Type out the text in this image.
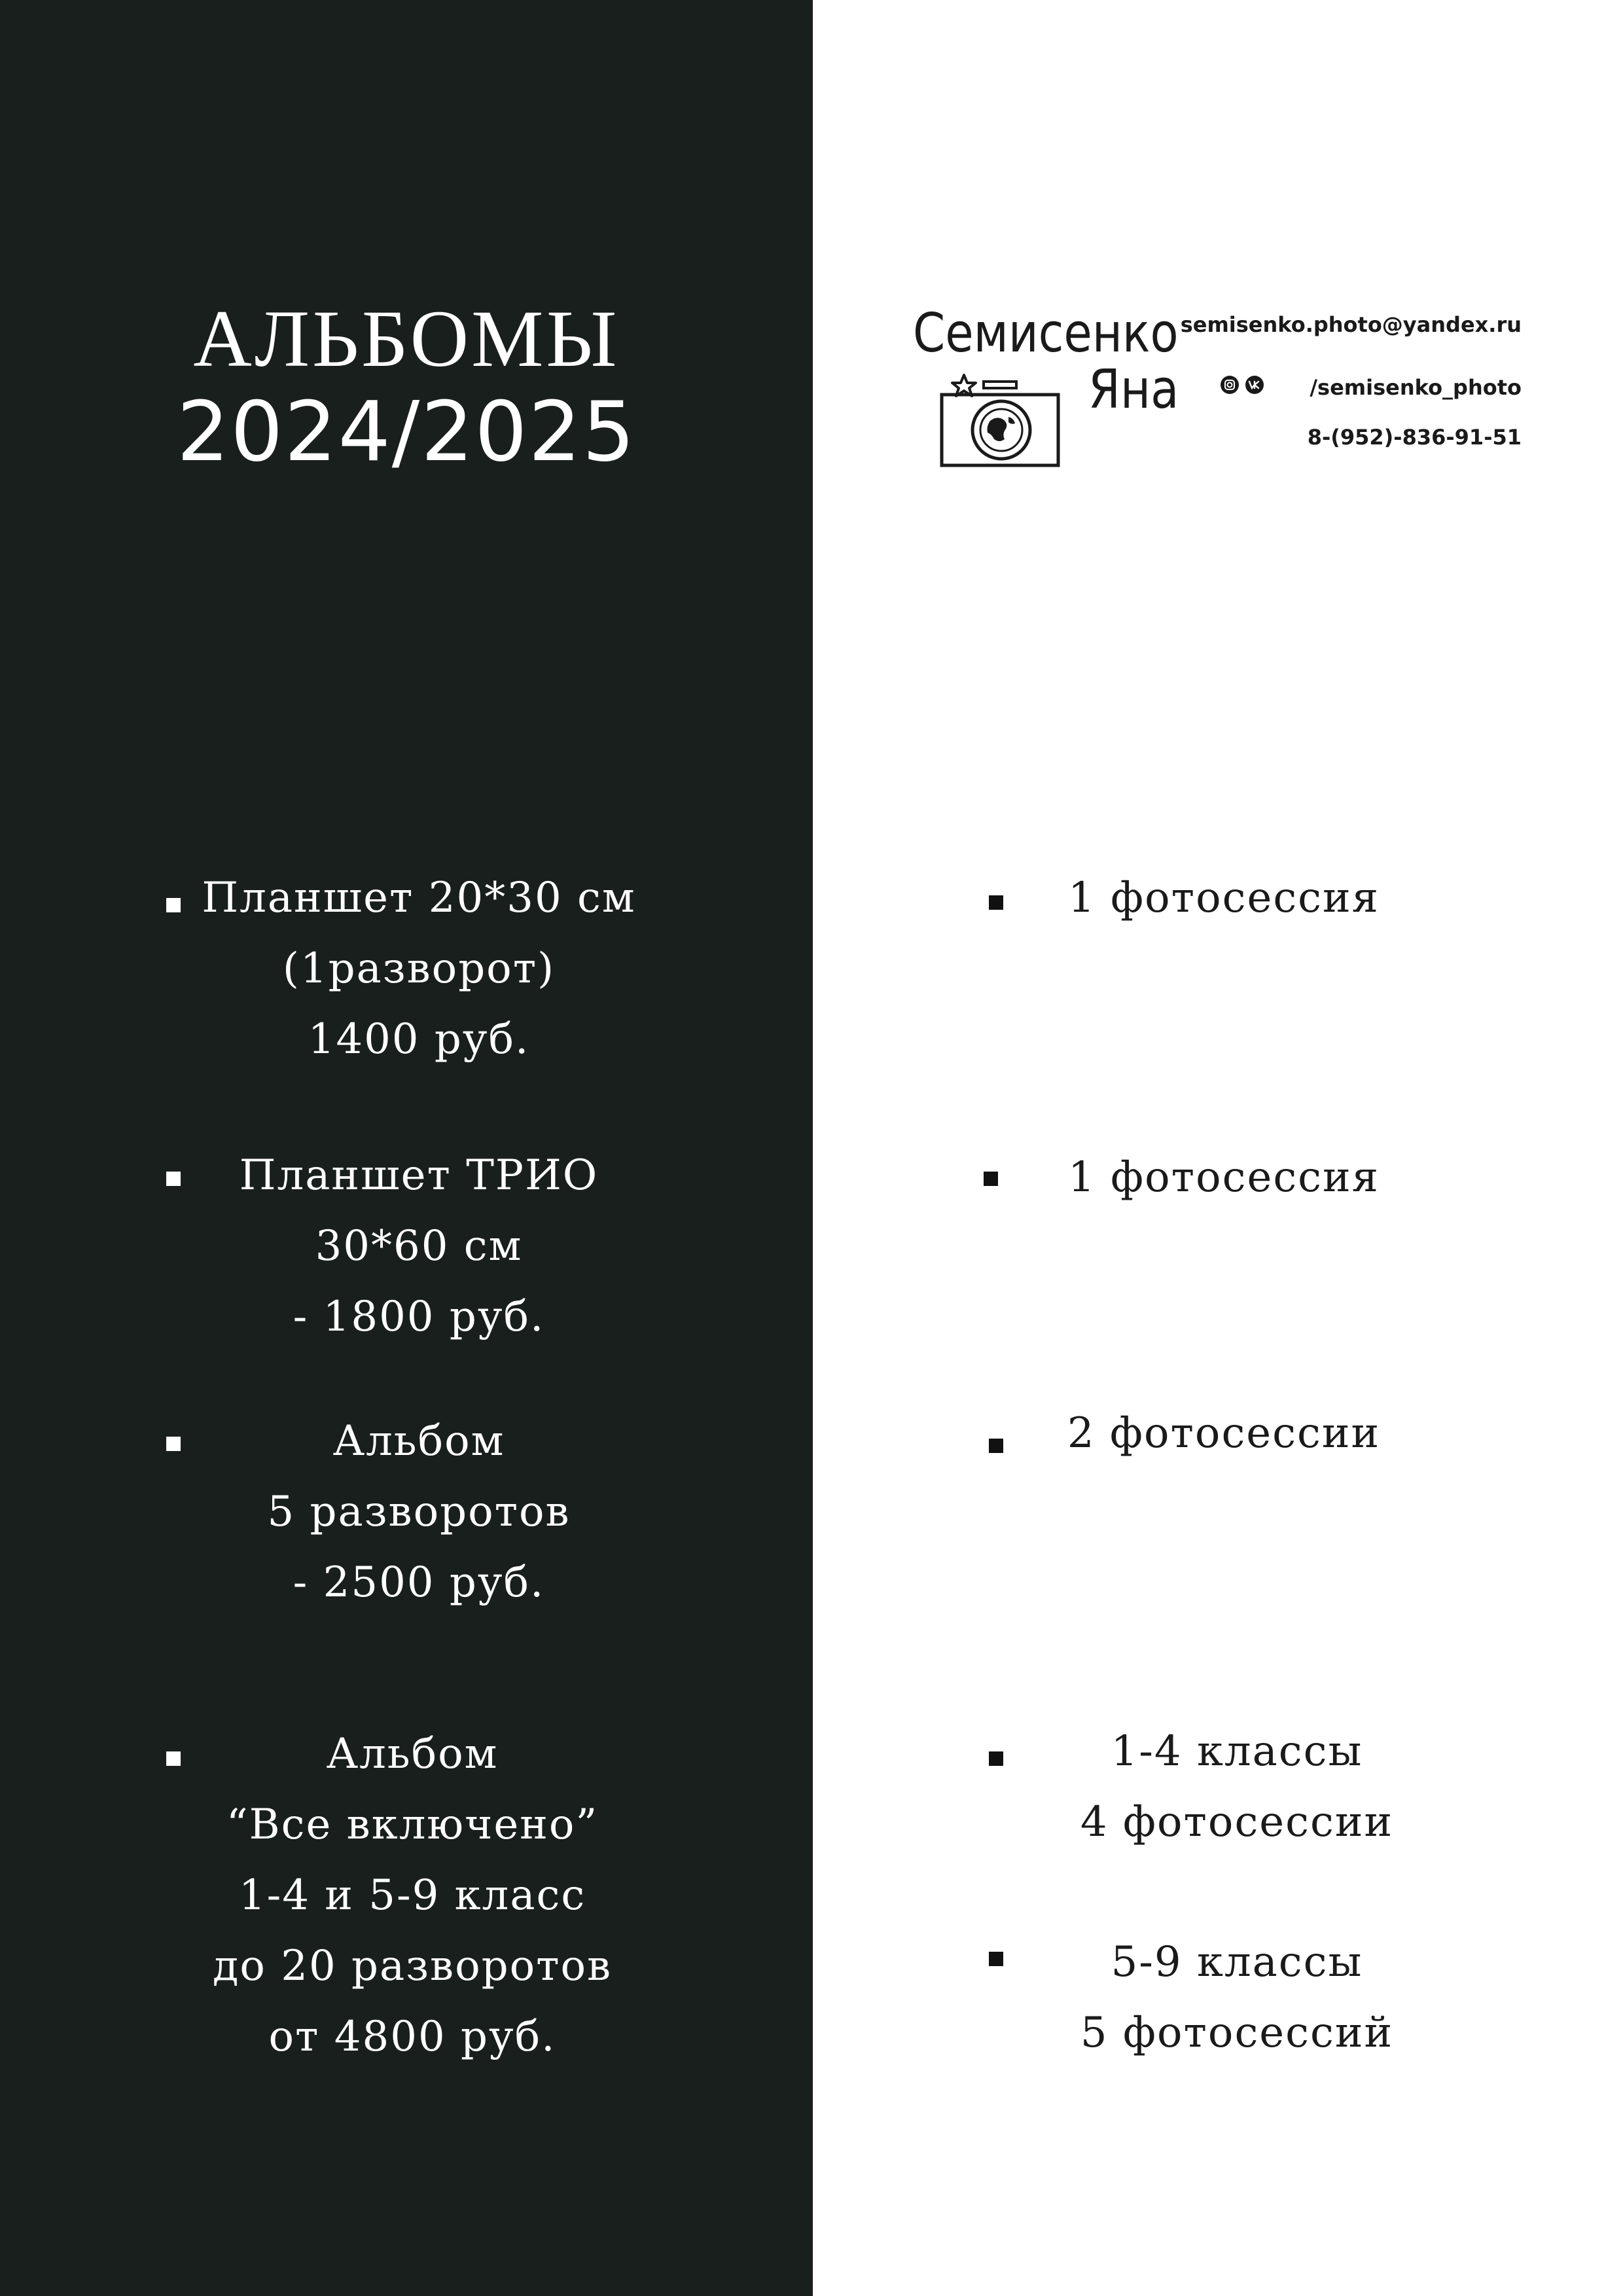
АЛЬБОМЫ
2024/2025
Семисенко
Яна
semisenko.photo@yandex.ru
/semisenko_photo
8-(952)-836-91-51
Планшет 20*30 см
(1разворот)
1400 руб.
1 фотосессия
Планшет ТРИО
30*60 см
- 1800 руб.
1 фотосессия
Альбом
5 разворотов
- 2500 руб.
2 фотосессии
Альбом
“Все включено”
1-4 и 5-9 класс
до 20 разворотов
от 4800 руб.
1-4 классы
4 фотосессии
5-9 классы
5 фотосессий
